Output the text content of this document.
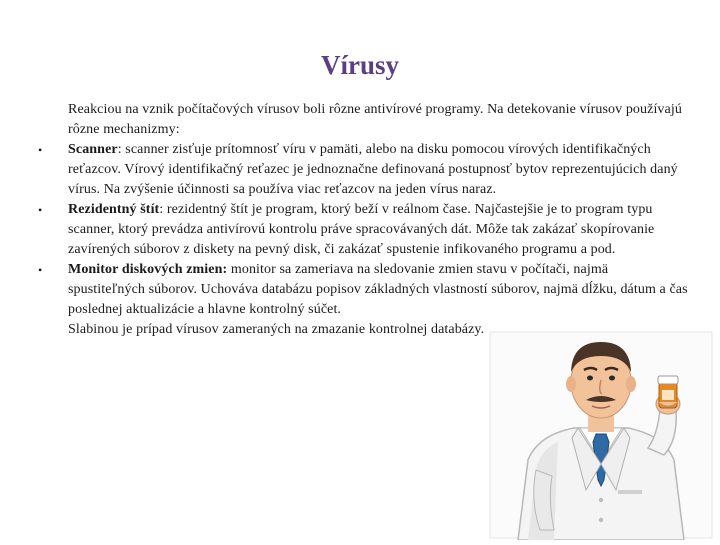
Vírusy

Reakciou na vznik počítačových vírusov boli rôzne antivírové programy. Na detekovanie vírusov používajú rôzne mechanizmy:

• Scanner: scanner zisťuje prítomnosť víru v pamäti, alebo na disku pomocou vírových identifikačných reťazcov. Vírový identifikačný reťazec je jednoznačne definovaná postupnosť bytov reprezentujúcich daný vírus. Na zvýšenie účinnosti sa používa viac reťazcov na jeden vírus naraz.

• Rezidentný štít: rezidentný štít je program, ktorý beží v reálnom čase. Najčastejšie je to program typu scanner, ktorý prevádza antivírovú kontrolu práve spracovávaných dát. Môže tak zakázať skopírovanie zavírených súborov z diskety na pevný disk, či zakázať spustenie infikovaného programu a pod.

• Monitor diskových zmien: monitor sa zameriava na sledovanie zmien stavu v počítači, najmä spustiteľných súborov. Uchováva databázu popisov základných vlastností súborov, najmä dĺžku, dátum a čas poslednej aktualizácie a hlavne kontrolný súčet.

Slabinou je prípad vírusov zameraných na zmazanie kontrolnej databázy.
